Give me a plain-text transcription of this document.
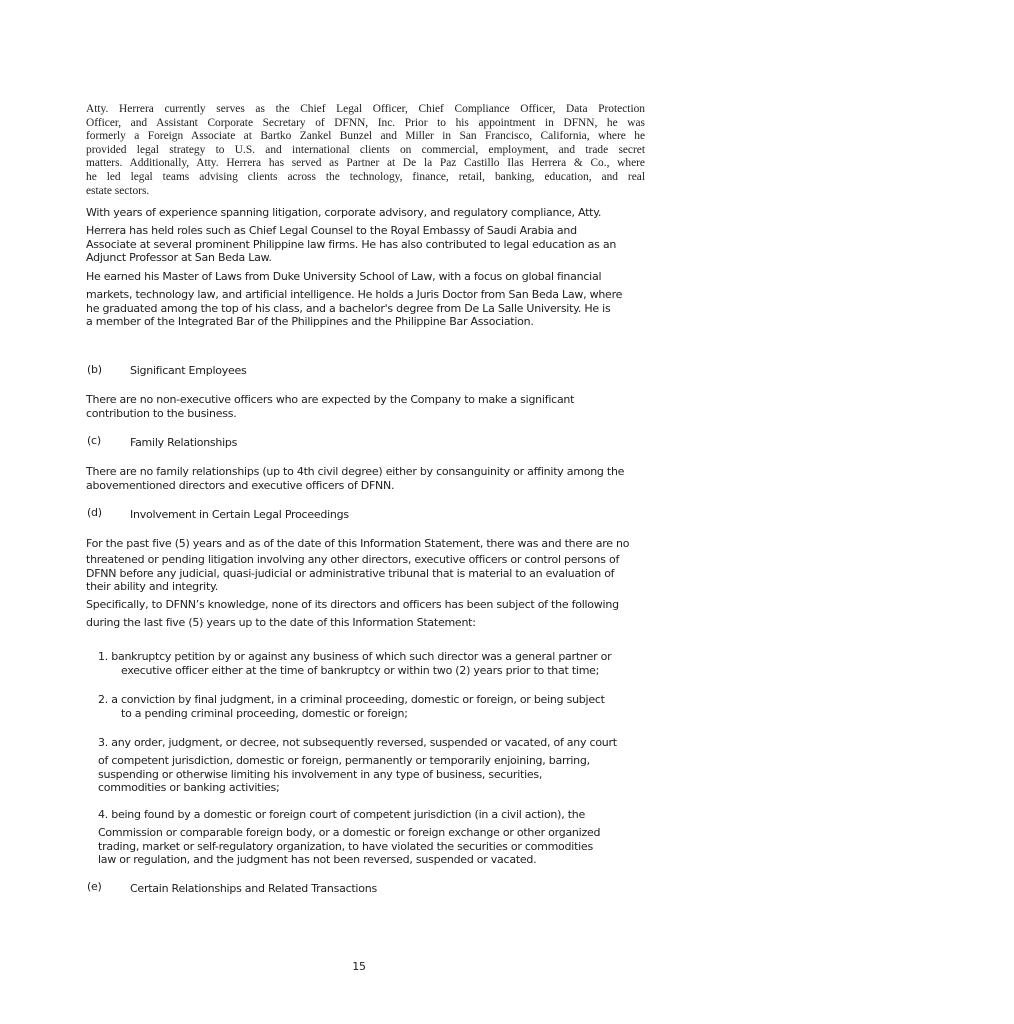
Atty. Herrera currently serves as the Chief Legal Officer, Chief Compliance Officer, Data Protection
Officer, and Assistant Corporate Secretary of DFNN, Inc. Prior to his appointment in DFNN, he was
formerly a Foreign Associate at Bartko Zankel Bunzel and Miller in San Francisco, California, where he
provided legal strategy to U.S. and international clients on commercial, employment, and trade secret
matters. Additionally, Atty. Herrera has served as Partner at De la Paz Castillo Ilas Herrera & Co., where
he led legal teams advising clients across the technology, finance, retail, banking, education, and real
estate sectors.
With years of experience spanning litigation, corporate advisory, and regulatory compliance, Atty.
Herrera has held roles such as Chief Legal Counsel to the Royal Embassy of Saudi Arabia and
Associate at several prominent Philippine law firms. He has also contributed to legal education as an
Adjunct Professor at San Beda Law.
He earned his Master of Laws from Duke University School of Law, with a focus on global financial
markets, technology law, and artificial intelligence. He holds a Juris Doctor from San Beda Law, where
he graduated among the top of his class, and a bachelor's degree from De La Salle University. He is
a member of the Integrated Bar of the Philippines and the Philippine Bar Association.
(b)	Significant Employees
There are no non-executive officers who are expected by the Company to make a significant
contribution to the business.
(c)	Family Relationships
There are no family relationships (up to 4th civil degree) either by consanguinity or affinity among the
abovementioned directors and executive officers of DFNN.
(d)	Involvement in Certain Legal Proceedings
For the past five (5) years and as of the date of this Information Statement, there was and there are no
threatened or pending litigation involving any other directors, executive officers or control persons of
DFNN before any judicial, quasi-judicial or administrative tribunal that is material to an evaluation of
their ability and integrity.
Specifically, to DFNN’s knowledge, none of its directors and officers has been subject of the following
during the last five (5) years up to the date of this Information Statement:
1. bankruptcy petition by or against any business of which such director was a general partner or
executive officer either at the time of bankruptcy or within two (2) years prior to that time;
2. a conviction by final judgment, in a criminal proceeding, domestic or foreign, or being subject
to a pending criminal proceeding, domestic or foreign;
3. any order, judgment, or decree, not subsequently reversed, suspended or vacated, of any court
of competent jurisdiction, domestic or foreign, permanently or temporarily enjoining, barring,
suspending or otherwise limiting his involvement in any type of business, securities,
commodities or banking activities;
4. being found by a domestic or foreign court of competent jurisdiction (in a civil action), the
Commission or comparable foreign body, or a domestic or foreign exchange or other organized
trading, market or self-regulatory organization, to have violated the securities or commodities
law or regulation, and the judgment has not been reversed, suspended or vacated.
(e)	Certain Relationships and Related Transactions
15
